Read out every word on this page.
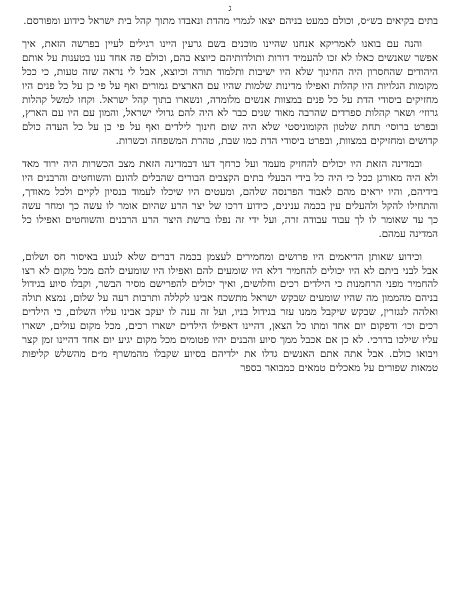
ג

בתים בקיאים בש״ס, וכולם כמעט בניהם יצאו לגמרי מהדת ונאבדו מתוך קהל בית ישראל כידוע ומפורסם.

והנה עם בואנו לאמריקא אנחנו שהיינו מוכנים בשם גרעין היינו רגילים לעיין בפרשה הזאת, איך אפשר שאנשים כאלו לא זכו להעמיד דורות ותולדותיהם כיוצא בהם, וכולם פה אחד ענו בטענות על אותם היהודים שהחסרון היה החינוך שלא היו ישיבות ותלמוד תורה וכיוצא, אבל לי נראה שזה טעות, כי ככל מקומות הגלויות היו קהלות ואפילו מדינות שלמות שהיו עם הארצים גמורים ואף על פי כן על כל פנים היו מחזיקים ביסודי הדת על כל פנים במצוות אנשים מלומדה, ונשארו בתוך קהל ישראל. וקחו למשל קהלות גרוזי׳ ושאר קהלות ספרדים שהרבה מאוד שנים כבר לא היה להם גדולי ישראל, והמון עם היו עם הארץ, ובפרט ברוסי׳ תחת שלטון הקומוניסטי שלא היה שום חינוך לילדים ואף על פי כן על כל העדה כולם קדושים ומחזיקים במצוות, ובפרט ביסודי הדת כמו שבת, טהרת המשפחה וכשרות.

ובמדינה הזאת היו יכולים להחזיק מעמד ועל כרחך דעו דבמדינה הזאת מצב הכשרות היה ירוד מאד ולא היה מאורגן ככל כי היה כל בידי הבעלי בתים הקצבים הבורים שהבלים להונם והשוחטים והרבנים היו בידיהם, והיו יראים מהם לאבוד הפרנסה שלהם, ומעטים היו שיכלו לעמוד בנסיון לקיים ולכל מאודך, והתחילו להקל ולהעלים עין בכמה ענינים, כידוע דרכו של יצר הרע שהיום אומר לו עשה כך ומחר עשה כך עד שאומר לו לך עבוד עבודה זרה, ועל ידי זה נפלו ברשת היצר הרע הרבנים והשוחטים ואפילו כל המדינה עמהם.

וכידוע שאותן הדיאמים היו פרושים ומחמירים לעצמן בכמה דברים שלא לנגוע באיסור חס ושלום, אבל לבני ביתם לא היו יכולים להחמיר דלא היו שומעים להם ואפילו היו שומעים להם מכל מקום לא רצו להחמיר מפני הרחמנות כי הילדים רכים וחלושים, ואיך יכולים להפרישם מסיר הבשר, וקבלו סיוע בגידול בניהם מהממון מה שהיו שומעים שבקש ישראל מתשכח אבינו לקללה ותרבות רעה על שלום, נמצא תולה ואלהה לנגזרין, שבקש שיקבל ממנו עזר בגידול בניו, ועל זה ענה לו יעקב אבינו עליו השלום, כי הילדים רכים וכו׳ ודפקום יום אחד ומתו כל הצאן, דהיינו דאפילו הילדים ישארו רכים, מכל מקום עולים, ישארו עליו שילכו בדרכי. לא כן אם אכבל ממך סיוע והבנים יהיו פטומים מכל מקום יגיע יום אחד דהיינו זמן קצר ויבואו כולם. אבל אתה אתם האנשים גדלו את ילדיהם בסיוע שקבלו מהמשרף מ״ם מהשלש קליפות טמאות שפורים על מאכלים טמאים כמבואר בספר
